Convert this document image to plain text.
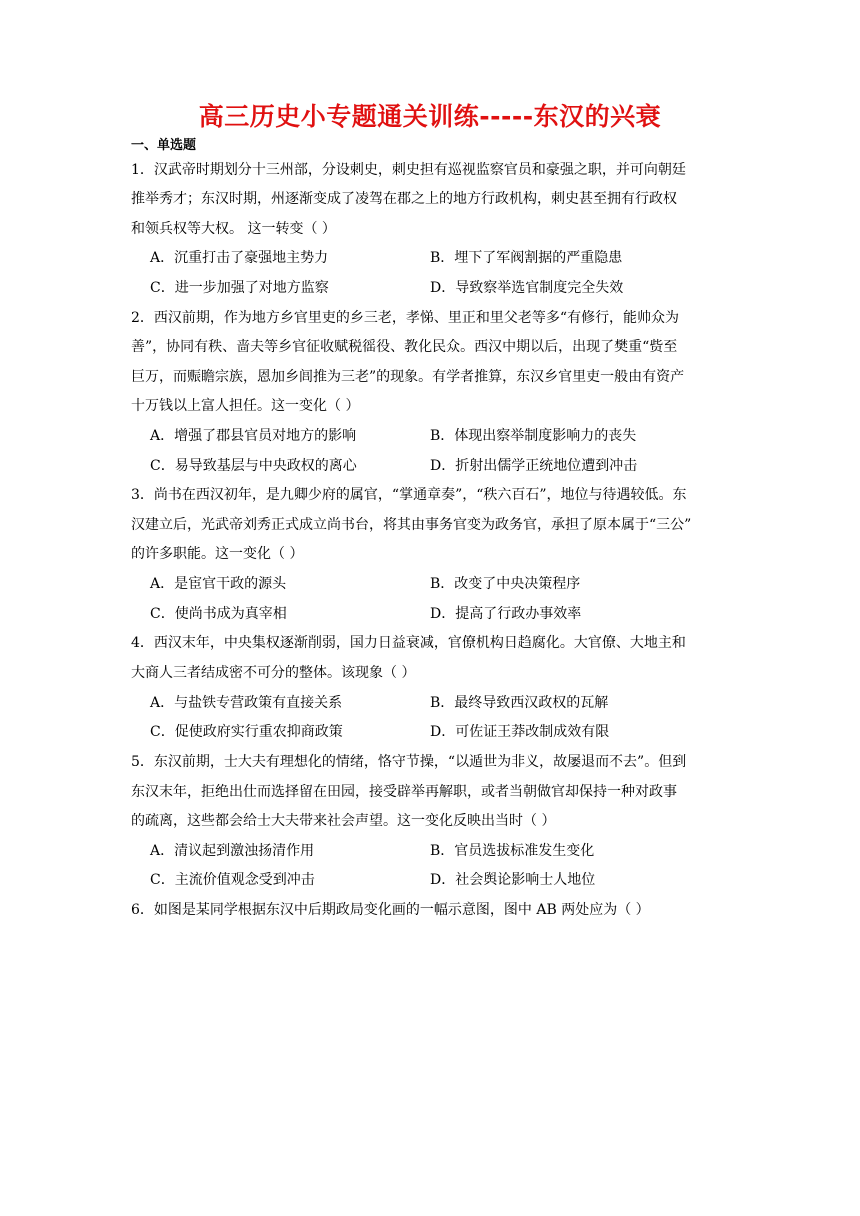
高三历史小专题通关训练-----东汉的兴衰
一、单选题
1．汉武帝时期划分十三州部，分设刺史，刺史担有巡视监察官员和豪强之职，并可向朝廷
推举秀才；东汉时期，州逐渐变成了凌驾在郡之上的地方行政机构，刺史甚至拥有行政权
和领兵权等大权。 这一转变（ ）
A．沉重打击了豪强地主势力	B．埋下了军阀割据的严重隐患
C．进一步加强了对地方监察	D．导致察举选官制度完全失效
2．西汉前期，作为地方乡官里吏的乡三老，孝悌、里正和里父老等多“有修行，能帅众为
善”，协同有秩、啬夫等乡官征收赋税徭役、教化民众。西汉中期以后，出现了樊重“赀至
巨万，而赈瞻宗族，恩加乡闾推为三老”的现象。有学者推算，东汉乡官里吏一般由有资产
十万钱以上富人担任。这一变化（ ）
A．增强了郡县官员对地方的影响	B．体现出察举制度影响力的丧失
C．易导致基层与中央政权的离心	D．折射出儒学正统地位遭到冲击
3．尚书在西汉初年，是九卿少府的属官，“掌通章奏”，“秩六百石”，地位与待遇较低。东
汉建立后，光武帝刘秀正式成立尚书台，将其由事务官变为政务官，承担了原本属于“三公”
的许多职能。这一变化（ ）
A．是宦官干政的源头	B．改变了中央决策程序
C．使尚书成为真宰相	D．提高了行政办事效率
4．西汉末年，中央集权逐渐削弱，国力日益衰减，官僚机构日趋腐化。大官僚、大地主和
大商人三者结成密不可分的整体。该现象（ ）
A．与盐铁专营政策有直接关系	B．最终导致西汉政权的瓦解
C．促使政府实行重农抑商政策	D．可佐证王莽改制成效有限
5．东汉前期，士大夫有理想化的情绪，恪守节操，“以遁世为非义，故屡退而不去”。但到
东汉末年，拒绝出仕而选择留在田园，接受辟举再解职，或者当朝做官却保持一种对政事
的疏离，这些都会给士大夫带来社会声望。这一变化反映出当时（ ）
A．清议起到激浊扬清作用	B．官员选拔标准发生变化
C．主流价值观念受到冲击	D．社会舆论影响士人地位
6．如图是某同学根据东汉中后期政局变化画的一幅示意图，图中 AB 两处应为（ ）
